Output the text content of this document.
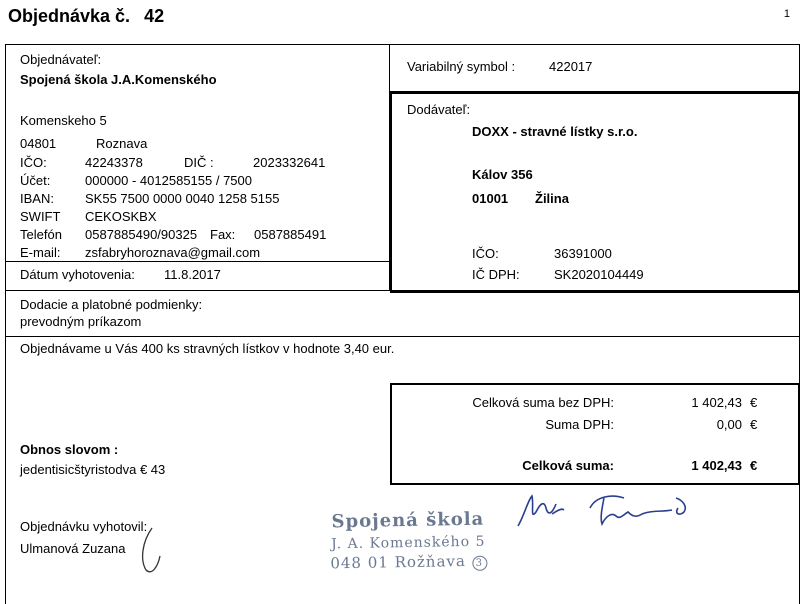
Objednávka č. 42	1
Objednávateľ:
Spojená škola J.A.Komenského
Komenskeho 5
04801	Roznava
IČO:	42243378	DIČ :	2023332641
Účet:	000000 - 4012585155 / 7500
IBAN: SK55 7500 0000 0040 1258 5155
SWIFT CEKOSKBX
Telefón 0587885490/90325 Fax: 0587885491
E-mail: zsfabryhoroznava@gmail.com
Dátum vyhotovenia: 11.8.2017
Variabilný symbol :	422017
Dodávateľ:
DOXX - stravné lístky s.r.o.
Kálov 356
01001 Žilina
IČO:	36391000
IČ DPH:	SK2020104449
Dodacie a platobné podmienky:
prevodným príkazom
Objednávame u Vás 400 ks stravných lístkov v hodnote 3,40 eur.
Celková suma bez DPH:	1 402,43 €
Suma DPH:	0,00 €
Celková suma:	1 402,43 €
Obnos slovom :
jedentisicštyristodva € 43
Objednávku vyhotovil:
Ulmanová Zuzana
Spojená škola
J. A. Komenského 5
048 01 Rožňava 3
